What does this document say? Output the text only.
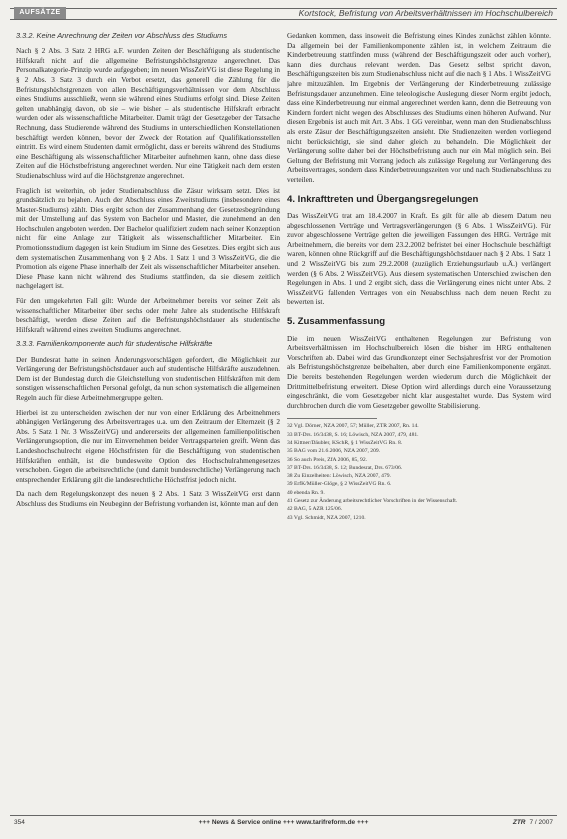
AUFSÄTZE	Kortstock, Befristung von Arbeitsverhältnissen im Hochschulbereich
3.3.2. Keine Anrechnung der Zeiten vor Abschluss des Studiums

Nach § 2 Abs. 3 Satz 2 HRG a.F. wurden Zeiten der Beschäftigung als studentische Hilfskraft nicht auf die allgemeine Befristungshöchstgrenze angerechnet. Das Personalkategorie-Prinzip wurde aufgegeben; im neuen WissZeitVG ist diese Regelung in § 2 Abs. 3 Satz 3 durch ein Verbot ersetzt, das generell die Zählung für die Befristungshöchstgrenzen von allen Beschäftigungsverhältnissen vor dem Abschluss eines Studiums ausschließt, wenn sie während eines Studiums erfolgt sind. Diese Zeiten gelten unabhängig davon, ob sie – wie bisher – als studentische Hilfskraft erbracht wurden oder als wissenschaftliche Mitarbeiter. Damit trägt der Gesetzgeber der Tatsache Rechnung, dass Studierende während des Studiums in unterschiedlichen Konstellationen beschäftigt werden können, bevor der Zweck der Rotation auf Qualifikationsstellen eintritt. Es wird einem Studenten damit ermöglicht, dass er bereits während des Studiums eine Beschäftigung als wissenschaftlicher Mitarbeiter aufnehmen kann, ohne dass diese Zeiten auf die Höchstbefristung angerechnet werden. Nur eine Tätigkeit nach dem ersten Studienabschluss wird auf die Höchstgrenze angerechnet.

Fraglich ist weiterhin, ob jeder Studienabschluss die Zäsur wirksam setzt. Dies ist grundsätzlich zu bejahen. Auch der Abschluss eines Zweitstudiums (insbesondere eines Master-Studiums) zählt. Dies ergibt schon der Zusammenhang der Gesetzesbegründung mit der Umstellung auf das System von Bachelor und Master, die zunehmend an den Hochschulen angeboten werden. Der Bachelor qualifiziert zudem nach seiner Konzeption nicht für eine Anlage zur Tätigkeit als wissenschaftlicher Mitarbeiter. Ein Promotionsstudium dagegen ist kein Studium im Sinne des Gesetzes. Dies ergibt sich aus dem systematischen Zusammenhang von § 2 Abs. 1 Satz 1 und 3 WissZeitVG, die die Promotion als eigene Phase innerhalb der Zeit als wissenschaftlicher Mitarbeiter ansehen. Diese Phase kann nicht während des Studiums stattfinden, da sie diesem zeitlich nachgelagert ist.

Für den umgekehrten Fall gilt: Wurde der Arbeitnehmer bereits vor seiner Zeit als wissenschaftlicher Mitarbeiter über sechs oder mehr Jahre als studentische Hilfskraft beschäftigt, werden diese Zeiten auf die Befristungshöchstdauer als studentische Hilfskraft während eines zweiten Studiums angerechnet.

3.3.3. Familienkomponente auch für studentische Hilfskräfte

Der Bundesrat hatte in seinen Änderungsvorschlägen gefordert, die Möglichkeit zur Verlängerung der Befristungshöchstdauer auch auf studentische Hilfskräfte auszudehnen. Dem ist der Bundestag durch die Gleichstellung von studentischen Hilfskräften mit dem sonstigen wissenschaftlichen Personal gefolgt, da nun schon systematisch die allgemeinen Regeln auch für diese Arbeitnehmergruppe gelten.

Hierbei ist zu unterscheiden zwischen der nur von einer Erklärung des Arbeitnehmers abhängigen Verlängerung des Arbeitsvertrages u.a. um den Zeitraum der Elternzeit (§ 2 Abs. 5 Satz 1 Nr. 3 WissZeitVG) und andererseits der allgemeinen familienpolitischen Verlängerungsoption, die nur im Einvernehmen beider Vertragsparteien greift. Wenn das Landeshochschulrecht eigene Höchstfristen für die Beschäftigung von studentischen Hilfskräften enthält, ist die bundesweite Option des Hochschulrahmengesetzes verschoben. Gegen die arbeitsrechtliche (und damit bundesrechtliche) Verlängerung nach entsprechender Erklärung gilt die landesrechtliche Höchstfrist jedoch nicht.

Da nach dem Regelungskonzept des neuen § 2 Abs. 1 Satz 3 WissZeitVG erst dann Abschluss des Studiums ein Neubeginn der Befristung vorhanden ist, könnte man auf den

Gedanken kommen, dass insoweit die Befristung eines Kindes zunächst zählen könnte. Da allgemein bei der Familienkomponente zählen ist, in welchem Zeitraum die Kinderbetreuung stattfinden muss (während der Beschäftigungszeit oder auch vorher), kann dies durchaus relevant werden. Das Gesetz selbst spricht davon, Beschäftigungszeiten bis zum Studienabschluss nicht auf die nach § 1 Abs. 1 WissZeitVG jahre mitzuzählen. Im Ergebnis der Verlängerung der Kinderbetreuung zulässige Befristungsdauer anzunehmen. Eine teleologische Auslegung dieser Norm ergibt jedoch, dass eine Kinderbetreuung nur einmal angerechnet werden kann, denn die Betreuung von Kindern fordert nicht wegen des Abschlusses des Studiums einen höheren Aufwand. Nur diesen Ergebnis ist auch mit Art. 3 Abs. 1 GG vereinbar, wenn man den Studienabschluss als erste Zäsur der Beschäftigungszeiten ansieht. Die Studienzeiten werden vorliegend nicht berücksichtigt, sie sind daher gleich zu behandeln. Die Möglichkeit der Verlängerung sollte daher bei der Höchstbefristung auch nur ein Mal möglich sein. Bei Geltung der Befristung mit Vorrang jedoch als zulässige Regelung zur Verlängerung des Arbeitsvertrages, sondern dass Kinderbetreuungszeiten vor und nach Studienabschluss zu verteilen.

4. Inkrafttreten und Übergangsregelungen

Das WissZeitVG trat am 18.4.2007 in Kraft. Es gilt für alle ab diesem Datum neu abgeschlossenen Verträge und Vertragsverlängerungen (§ 6 Abs. 1 WissZeitVG). Für zuvor abgeschlossene Verträge gelten die jeweiligen Fassungen des HRG. Verträge mit Arbeitnehmern, die bereits vor dem 23.2.2002 befristet bei einer Hochschule beschäftigt waren, können ohne Rückgriff auf die Beschäftigungshöchstdauer nach § 2 Abs. 1 Satz 1 und 2 WissZeitVG bis zum 29.2.2008 (zuzüglich Erziehungsurlaub u.Ä.) verlängert werden (§ 6 Abs. 2 WissZeitVG). Aus diesem systematischen Unterschied zwischen den Regelungen in Abs. 1 und 2 ergibt sich, dass die Verlängerung eines nicht unter Abs. 2 WissZeitVG fallenden Vertrages von ein Neuabschluss nach dem neuen Recht zu bewerten ist.

5. Zusammenfassung

Die im neuen WissZeitVG enthaltenen Regelungen zur Befristung von Arbeitsverhältnissen im Hochschulbereich lösen die bisher im HRG enthaltenen Vorschriften ab. Dabei wird das Grundkonzept einer Sechsjahresfrist vor der Promotion als Befristungshöchstgrenze beibehalten, aber durch eine Familienkomponente ergänzt. Die bereits bestehenden Regelungen werden wiederum durch die Möglichkeit der Drittmittelbefristung erweitert. Diese Option wird allerdings durch eine Voraussetzung eingeschränkt, die vom Gesetzgeber nicht klar ausgestaltet wurde. Das System wird durchbrochen durch die vom Gesetzgeber gewollte Stabilisierung.

32 Vgl. Dörner, NZA 2007, 57; Müller, ZTR 2007, Rn. 14.
33 BT-Drs. 16/3438, S. 16; Löwisch, NZA 2007, 479, 481.
34 Kittner/Däubler, KSchR, § 1 WissZeitVG Rn. 8.
35 BAG vom 21.6.2006, NZA 2007, 209.
36 So auch Preis, ZfA 2006, 85, 92.
37 BT-Drs. 16/3438, S. 12; Bundesrat, Drs. 673/06.
38 Zu Einzelheiten: Löwisch, NZA 2007, 479.
39 ErfK/Müller-Glöge, § 2 WissZeitVG Rn. 6.
40 ebenda Rn. 9.
41 Gesetz zur Änderung arbeitsrechtlicher Vorschriften in der Wissenschaft.
42 BAG, 5 AZR 125/06.
43 Vgl. Schmidt, NZA 2007, 1210.
354	+++ News & Service online +++ www.tarifreform.de +++	ZTR 7 / 2007
